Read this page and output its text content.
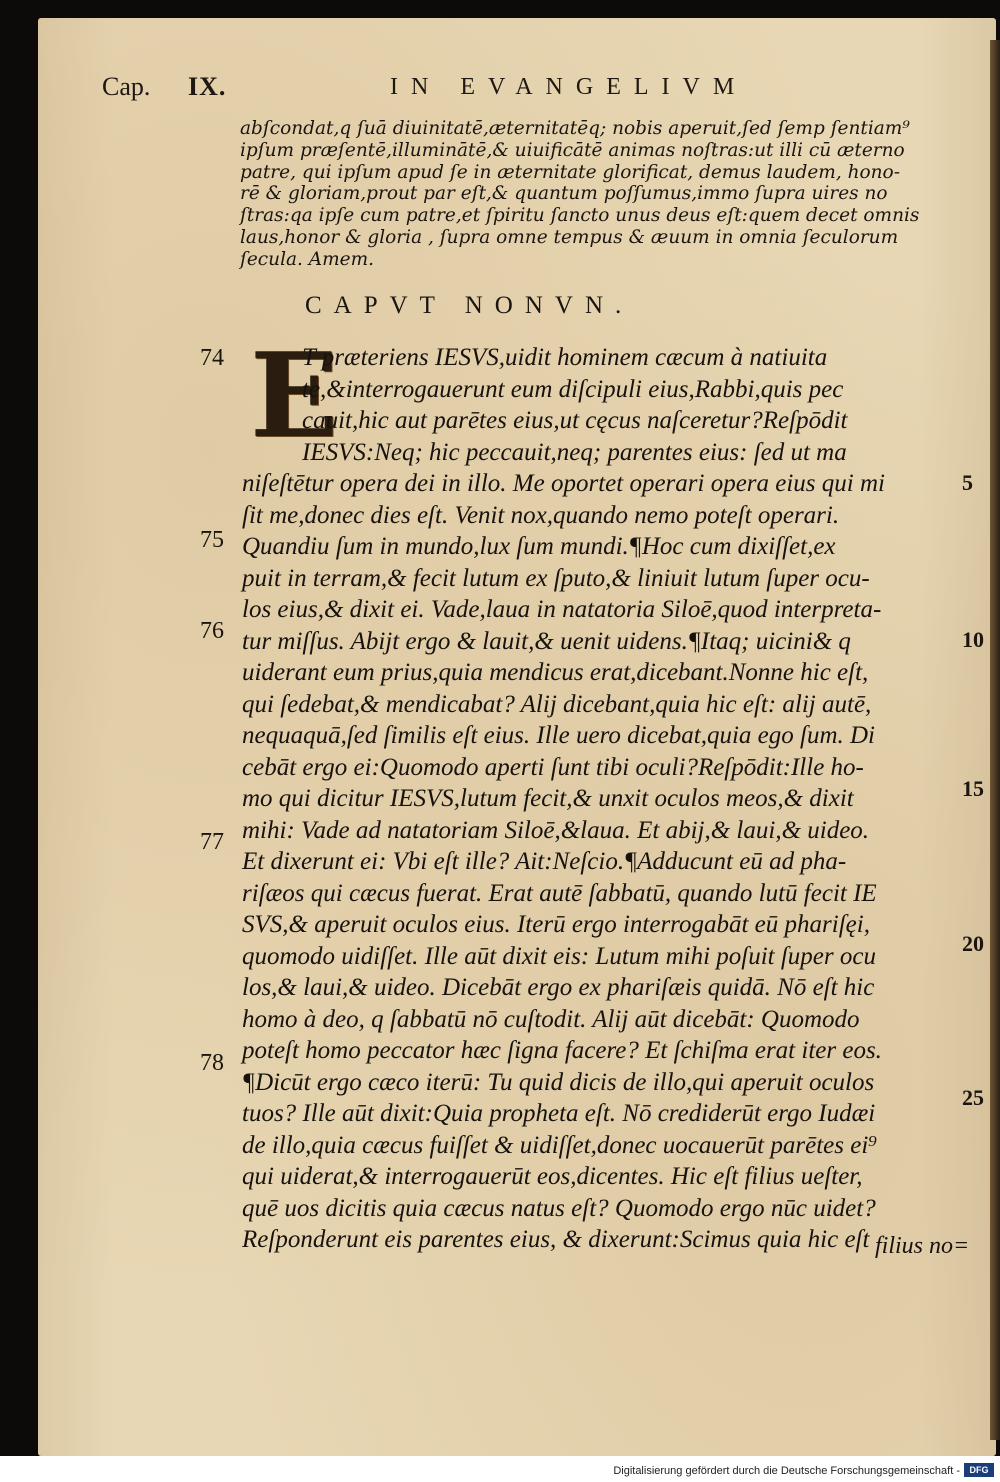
Cap. IX.	IN EVANGELIVM
abſcondat,q ſuā diuinitatē,æternitatēq; nobis aperuit,ſed ſemp ſentiam⁹
ipſum præſentē,illuminātē,& uiuificātē animas noſtras:ut illi cū æterno
patre, qui ipſum apud ſe in æternitate glorificat, demus laudem, hono-
rē & gloriam,prout par eſt,& quantum poſſumus,immo ſupra uires no
ſtras:qa ipſe cum patre,et ſpiritu ſancto unus deus eſt:quem decet omnis
laus,honor & gloria , ſupra omne tempus & æuum in omnia ſeculorum
ſecula. Amem.
CAPVT NONVN.
E
T præteriens IESVS,uidit hominem cæcum à natiuita
te,&interrogauerunt eum diſcipuli eius,Rabbi,quis pec
cauit,hic aut parētes eius,ut cęcus naſceretur?Reſpōdit
IESVS:Neq; hic peccauit,neq; parentes eius: ſed ut ma
niſeſtētur opera dei in illo. Me oportet operari opera eius qui mi
ſit me,donec dies eſt. Venit nox,quando nemo poteſt operari.
Quandiu ſum in mundo,lux ſum mundi.¶Hoc cum dixiſſet,ex
puit in terram,& fecit lutum ex ſputo,& liniuit lutum ſuper ocu-
los eius,& dixit ei. Vade,laua in natatoria Siloē,quod interpreta-
tur miſſus. Abijt ergo & lauit,& uenit uidens.¶Itaq; uicini& q
uiderant eum prius,quia mendicus erat,dicebant.Nonne hic eſt,
qui ſedebat,& mendicabat? Alij dicebant,quia hic eſt: alij autē,
nequaquā,ſed ſimilis eſt eius. Ille uero dicebat,quia ego ſum. Di
cebāt ergo ei:Quomodo aperti ſunt tibi oculi?Reſpōdit:Ille ho-
mo qui dicitur IESVS,lutum fecit,& unxit oculos meos,& dixit
mihi: Vade ad natatoriam Siloē,&laua. Et abij,& laui,& uideo.
Et dixerunt ei: Vbi eſt ille? Ait:Neſcio.¶Adducunt eū ad pha-
riſæos qui cæcus fuerat. Erat autē ſabbatū, quando lutū fecit IE
SVS,& aperuit oculos eius. Iterū ergo interrogabāt eū phariſęi,
quomodo uidiſſet. Ille aūt dixit eis: Lutum mihi poſuit ſuper ocu
los,& laui,& uideo. Dicebāt ergo ex phariſæis quidā. Nō eſt hic
homo à deo, q ſabbatū nō cuſtodit. Alij aūt dicebāt: Quomodo
poteſt homo peccator hæc ſigna facere? Et ſchiſma erat iter eos.
¶Dicūt ergo cæco iterū: Tu quid dicis de illo,qui aperuit oculos
tuos? Ille aūt dixit:Quia propheta eſt. Nō crediderūt ergo Iudæi
de illo,quia cæcus fuiſſet & uidiſſet,donec uocauerūt parētes ei⁹
qui uiderat,& interrogauerūt eos,dicentes. Hic eſt filius ueſter,
quē uos dicitis quia cæcus natus eſt? Quomodo ergo nūc uidet?
Reſponderunt eis parentes eius, & dixerunt:Scimus quia hic eſt
74
75
76
77
78
5
10
15
20
25
filius no=
Digitalisierung gefördert durch die Deutsche Forschungsgemeinschaft -	DFG
